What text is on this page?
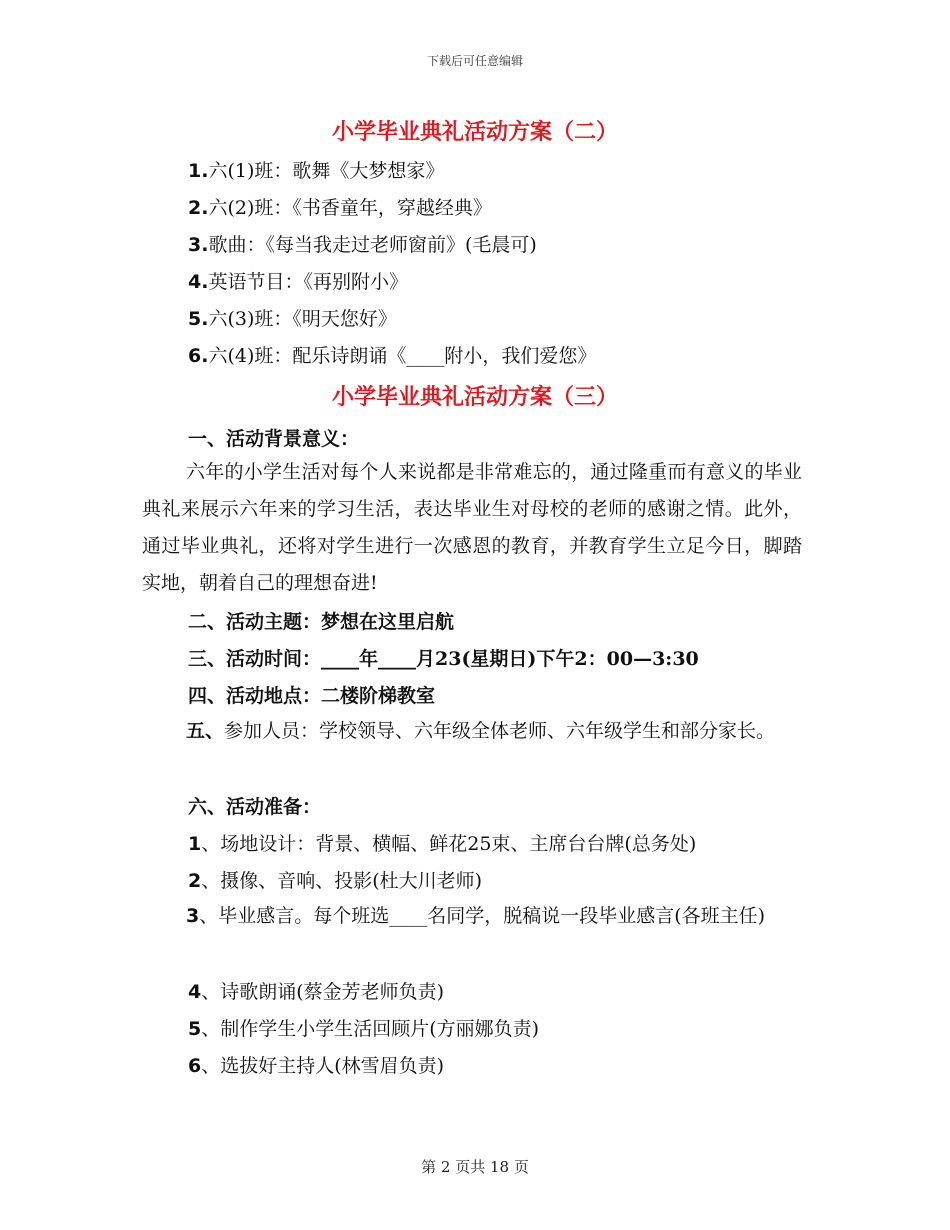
下载后可任意编辑
小学毕业典礼活动方案（二）
1.六(1)班：歌舞《大梦想家》
2.六(2)班：《书香童年，穿越经典》
3.歌曲：《每当我走过老师窗前》(毛晨可)
4.英语节目：《再别附小》
5.六(3)班：《明天您好》
6.六(4)班：配乐诗朗诵《____附小，我们爱您》
小学毕业典礼活动方案（三）
一、活动背景意义：
六年的小学生活对每个人来说都是非常难忘的，通过隆重而有意义的毕业典礼来展示六年来的学习生活，表达毕业生对母校的老师的感谢之情。此外，通过毕业典礼，还将对学生进行一次感恩的教育，并教育学生立足今日，脚踏实地，朝着自己的理想奋进!
二、活动主题：梦想在这里启航
三、活动时间：____年____月23(星期日)下午2：00—3:30
四、活动地点：二楼阶梯教室
五、参加人员：学校领导、六年级全体老师、六年级学生和部分家长。
六、活动准备：
1、场地设计：背景、横幅、鲜花25束、主席台台牌(总务处)
2、摄像、音响、投影(杜大川老师)
3、毕业感言。每个班选____名同学，脱稿说一段毕业感言(各班主任)
4、诗歌朗诵(蔡金芳老师负责)
5、制作学生小学生活回顾片(方丽娜负责)
6、选拔好主持人(林雪眉负责)
第 2 页共 18 页
